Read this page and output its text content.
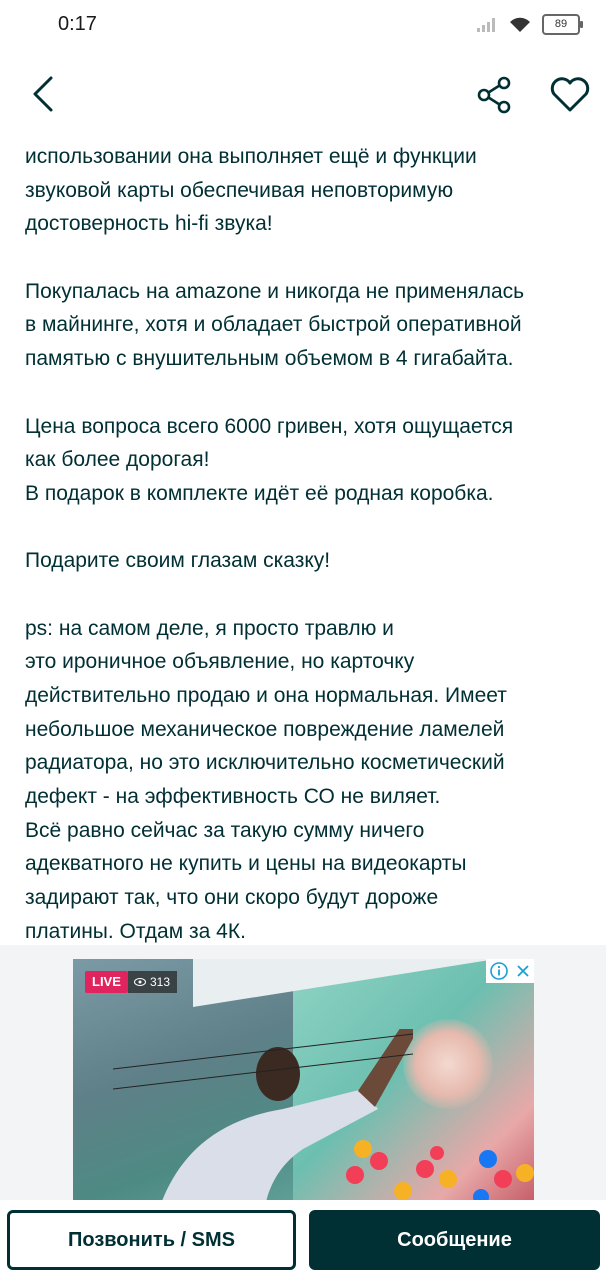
0:17	89
использовании она выполняет ещё и функции
звуковой карты обеспечивая неповторимую
достоверность hi-fi звука!
Покупалась на amazone и никогда не применялась
в майнинге, хотя и обладает быстрой оперативной
памятью с внушительным объемом в 4 гигабайта.
Цена вопроса всего 6000 гривен, хотя ощущается
как более дорогая!
В подарок в комплекте идёт её родная коробка.
Подарите своим глазам сказку!
ps: на самом деле, я просто травлю и
это ироничное объявление, но карточку
действительно продаю и она нормальная. Имеет
небольшое механическое повреждение ламелей
радиатора, но это исключительно косметический
дефект - на эффективность СО не виляет.
Всё равно сейчас за такую сумму ничего
адекватного не купить и цены на видеокарты
задирают так, что они скоро будут дороже
платины. Отдам за 4К.
LIVE	313
Позвонить / SMS	Сообщение
